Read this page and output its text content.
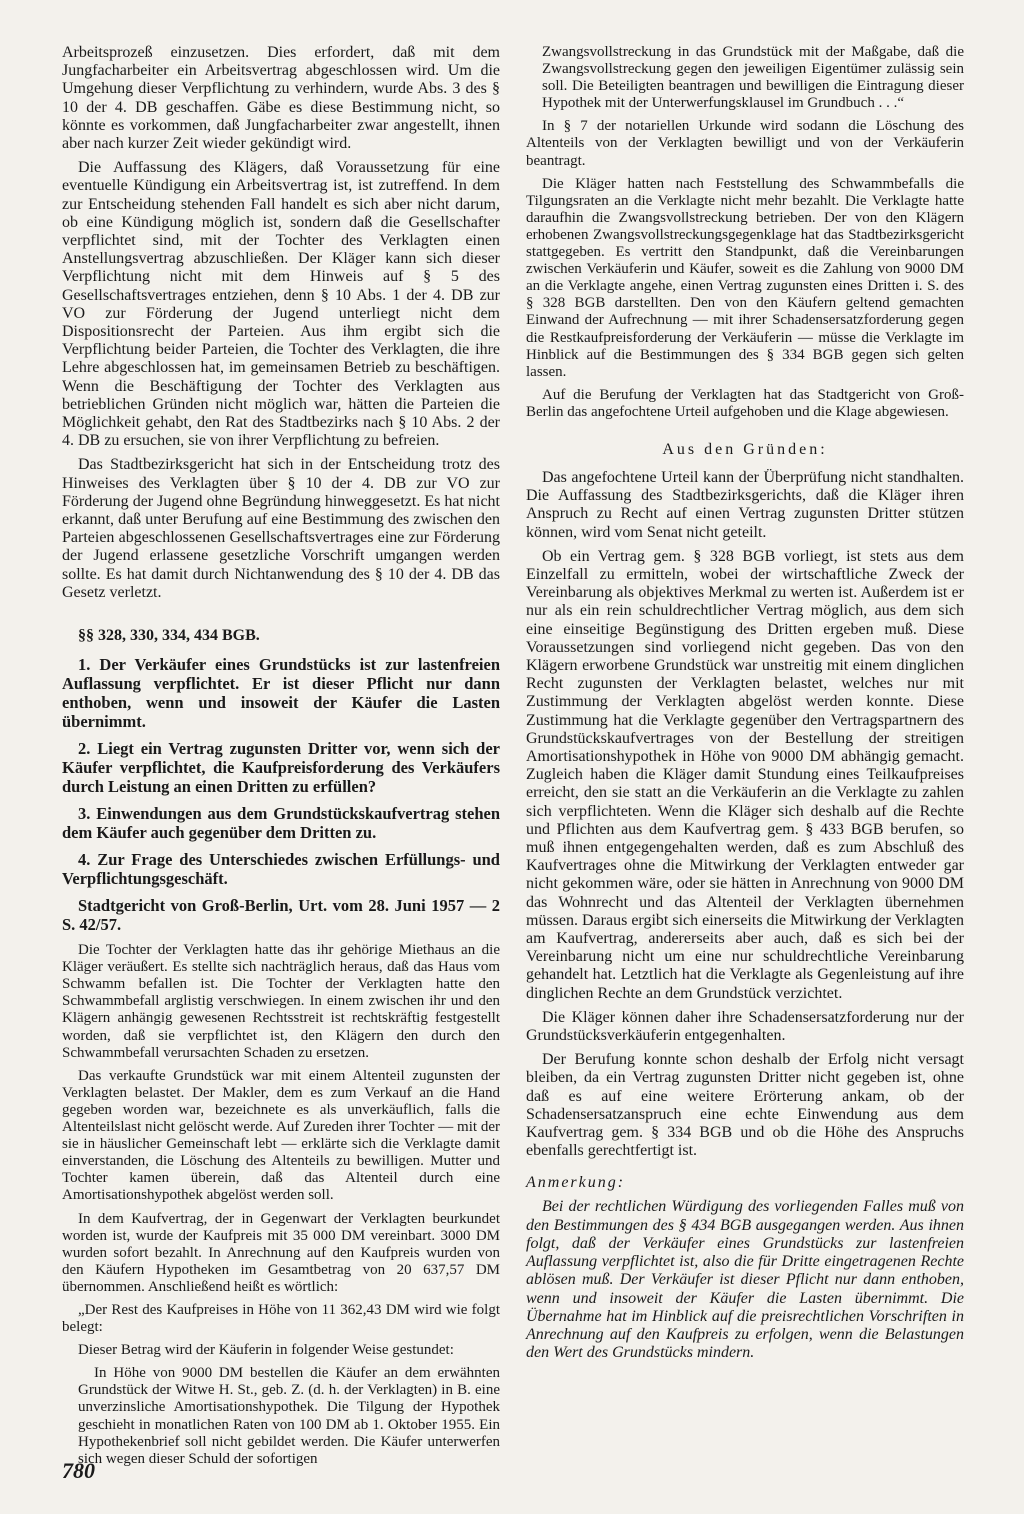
Arbeitsprozeß einzusetzen. Dies erfordert, daß mit dem Jungfacharbeiter ein Arbeitsvertrag abgeschlossen wird. Um die Umgehung dieser Verpflichtung zu verhindern, wurde Abs. 3 des § 10 der 4. DB geschaffen. Gäbe es diese Bestimmung nicht, so könnte es vorkommen, daß Jungfacharbeiter zwar angestellt, ihnen aber nach kurzer Zeit wieder gekündigt wird.

Die Auffassung des Klägers, daß Voraussetzung für eine eventuelle Kündigung ein Arbeitsvertrag ist, ist zutreffend. In dem zur Entscheidung stehenden Fall handelt es sich aber nicht darum, ob eine Kündigung möglich ist, sondern daß die Gesellschafter verpflichtet sind, mit der Tochter des Verklagten einen Anstellungsvertrag abzuschließen. Der Kläger kann sich dieser Verpflichtung nicht mit dem Hinweis auf § 5 des Gesellschaftsvertrages entziehen, denn § 10 Abs. 1 der 4. DB zur VO zur Förderung der Jugend unterliegt nicht dem Dispositionsrecht der Parteien. Aus ihm ergibt sich die Verpflichtung beider Parteien, die Tochter des Verklagten, die ihre Lehre abgeschlossen hat, im gemeinsamen Betrieb zu beschäftigen. Wenn die Beschäftigung der Tochter des Verklagten aus betrieblichen Gründen nicht möglich war, hätten die Parteien die Möglichkeit gehabt, den Rat des Stadtbezirks nach § 10 Abs. 2 der 4. DB zu ersuchen, sie von ihrer Verpflichtung zu befreien.

Das Stadtbezirksgericht hat sich in der Entscheidung trotz des Hinweises des Verklagten über § 10 der 4. DB zur VO zur Förderung der Jugend ohne Begründung hinweggesetzt. Es hat nicht erkannt, daß unter Berufung auf eine Bestimmung des zwischen den Parteien abgeschlossenen Gesellschaftsvertrages eine zur Förderung der Jugend erlassene gesetzliche Vorschrift umgangen werden sollte. Es hat damit durch Nichtanwendung des § 10 der 4. DB das Gesetz verletzt.

§§ 328, 330, 334, 434 BGB.
1. Der Verkäufer eines Grundstücks ist zur lastenfreien Auflassung verpflichtet. Er ist dieser Pflicht nur dann enthoben, wenn und insoweit der Käufer die Lasten übernimmt.
2. Liegt ein Vertrag zugunsten Dritter vor, wenn sich der Käufer verpflichtet, die Kaufpreisforderung des Verkäufers durch Leistung an einen Dritten zu erfüllen?
3. Einwendungen aus dem Grundstückskaufvertrag stehen dem Käufer auch gegenüber dem Dritten zu.
4. Zur Frage des Unterschiedes zwischen Erfüllungs- und Verpflichtungsgeschäft.
Stadtgericht von Groß-Berlin, Urt. vom 28. Juni 1957 — 2 S. 42/57.

Die Tochter der Verklagten hatte das ihr gehörige Miethaus an die Kläger veräußert. Es stellte sich nachträglich heraus, daß das Haus vom Schwamm befallen ist. Die Tochter der Verklagten hatte den Schwammbefall arglistig verschwiegen. In einem zwischen ihr und den Klägern anhängig gewesenen Rechtsstreit ist rechtskräftig festgestellt worden, daß sie verpflichtet ist, den Klägern den durch den Schwammbefall verursachten Schaden zu ersetzen.

Das verkaufte Grundstück war mit einem Altenteil zugunsten der Verklagten belastet. Der Makler, dem es zum Verkauf an die Hand gegeben worden war, bezeichnete es als unverkäuflich, falls die Altenteilslast nicht gelöscht werde. Auf Zureden ihrer Tochter — mit der sie in häuslicher Gemeinschaft lebt — erklärte sich die Verklagte damit einverstanden, die Löschung des Altenteils zu bewilligen. Mutter und Tochter kamen überein, daß das Altenteil durch eine Amortisationshypothek abgelöst werden soll.

In dem Kaufvertrag, der in Gegenwart der Verklagten beurkundet worden ist, wurde der Kaufpreis mit 35 000 DM vereinbart. 3000 DM wurden sofort bezahlt. In Anrechnung auf den Kaufpreis wurden von den Käufern Hypotheken im Gesamtbetrag von 20 637,57 DM übernommen. Anschließend heißt es wörtlich:

„Der Rest des Kaufpreises in Höhe von 11 362,43 DM wird wie folgt belegt:

Dieser Betrag wird der Käuferin in folgender Weise gestundet:

In Höhe von 9000 DM bestellen die Käufer an dem erwähnten Grundstück der Witwe H. St., geb. Z. (d. h. der Verklagten) in B. eine unverzinsliche Amortisationshypothek. Die Tilgung der Hypothek geschieht in monatlichen Raten von 100 DM ab 1. Oktober 1955. Ein Hypothekenbrief soll nicht gebildet werden. Die Käufer unterwerfen sich wegen dieser Schuld der sofortigen

Zwangsvollstreckung in das Grundstück mit der Maßgabe, daß die Zwangsvollstreckung gegen den jeweiligen Eigentümer zulässig sein soll. Die Beteiligten beantragen und bewilligen die Eintragung dieser Hypothek mit der Unterwerfungsklausel im Grundbuch . . .“

In § 7 der notariellen Urkunde wird sodann die Löschung des Altenteils von der Verklagten bewilligt und von der Verkäuferin beantragt.

Die Kläger hatten nach Feststellung des Schwammbefalls die Tilgungsraten an die Verklagte nicht mehr bezahlt. Die Verklagte hatte daraufhin die Zwangsvollstreckung betrieben. Der von den Klägern erhobenen Zwangsvollstreckungsgegenklage hat das Stadtbezirksgericht stattgegeben. Es vertritt den Standpunkt, daß die Vereinbarungen zwischen Verkäuferin und Käufer, soweit es die Zahlung von 9000 DM an die Verklagte angehe, einen Vertrag zugunsten eines Dritten i. S. des § 328 BGB darstellten. Den von den Käufern geltend gemachten Einwand der Aufrechnung — mit ihrer Schadensersatzforderung gegen die Restkaufpreisforderung der Verkäuferin — müsse die Verklagte im Hinblick auf die Bestimmungen des § 334 BGB gegen sich gelten lassen.

Auf die Berufung der Verklagten hat das Stadtgericht von Groß-Berlin das angefochtene Urteil aufgehoben und die Klage abgewiesen.

Aus den Gründen:

Das angefochtene Urteil kann der Überprüfung nicht standhalten. Die Auffassung des Stadtbezirksgerichts, daß die Kläger ihren Anspruch zu Recht auf einen Vertrag zugunsten Dritter stützen können, wird vom Senat nicht geteilt.

Ob ein Vertrag gem. § 328 BGB vorliegt, ist stets aus dem Einzelfall zu ermitteln, wobei der wirtschaftliche Zweck der Vereinbarung als objektives Merkmal zu werten ist. Außerdem ist er nur als ein rein schuldrechtlicher Vertrag möglich, aus dem sich eine einseitige Begünstigung des Dritten ergeben muß. Diese Voraussetzungen sind vorliegend nicht gegeben. Das von den Klägern erworbene Grundstück war unstreitig mit einem dinglichen Recht zugunsten der Verklagten belastet, welches nur mit Zustimmung der Verklagten abgelöst werden konnte. Diese Zustimmung hat die Verklagte gegenüber den Vertragspartnern des Grundstückskaufvertrages von der Bestellung der streitigen Amortisationshypothek in Höhe von 9000 DM abhängig gemacht. Zugleich haben die Kläger damit Stundung eines Teilkaufpreises erreicht, den sie statt an die Verkäuferin an die Verklagte zu zahlen sich verpflichteten. Wenn die Kläger sich deshalb auf die Rechte und Pflichten aus dem Kaufvertrag gem. § 433 BGB berufen, so muß ihnen entgegengehalten werden, daß es zum Abschluß des Kaufvertrages ohne die Mitwirkung der Verklagten entweder gar nicht gekommen wäre, oder sie hätten in Anrechnung von 9000 DM das Wohnrecht und das Altenteil der Verklagten übernehmen müssen. Daraus ergibt sich einerseits die Mitwirkung der Verklagten am Kaufvertrag, andererseits aber auch, daß es sich bei der Vereinbarung nicht um eine nur schuldrechtliche Vereinbarung gehandelt hat. Letztlich hat die Verklagte als Gegenleistung auf ihre dinglichen Rechte an dem Grundstück verzichtet.

Die Kläger können daher ihre Schadensersatzforderung nur der Grundstücksverkäuferin entgegenhalten.

Der Berufung konnte schon deshalb der Erfolg nicht versagt bleiben, da ein Vertrag zugunsten Dritter nicht gegeben ist, ohne daß es auf eine weitere Erörterung ankam, ob der Schadensersatzanspruch eine echte Einwendung aus dem Kaufvertrag gem. § 334 BGB und ob die Höhe des Anspruchs ebenfalls gerechtfertigt ist.

Anmerkung:

Bei der rechtlichen Würdigung des vorliegenden Falles muß von den Bestimmungen des § 434 BGB ausgegangen werden. Aus ihnen folgt, daß der Verkäufer eines Grundstücks zur lastenfreien Auflassung verpflichtet ist, also die für Dritte eingetragenen Rechte ablösen muß. Der Verkäufer ist dieser Pflicht nur dann enthoben, wenn und insoweit der Käufer die Lasten übernimmt. Die Übernahme hat im Hinblick auf die preisrechtlichen Vorschriften in Anrechnung auf den Kaufpreis zu erfolgen, wenn die Belastungen den Wert des Grundstücks mindern.

780
